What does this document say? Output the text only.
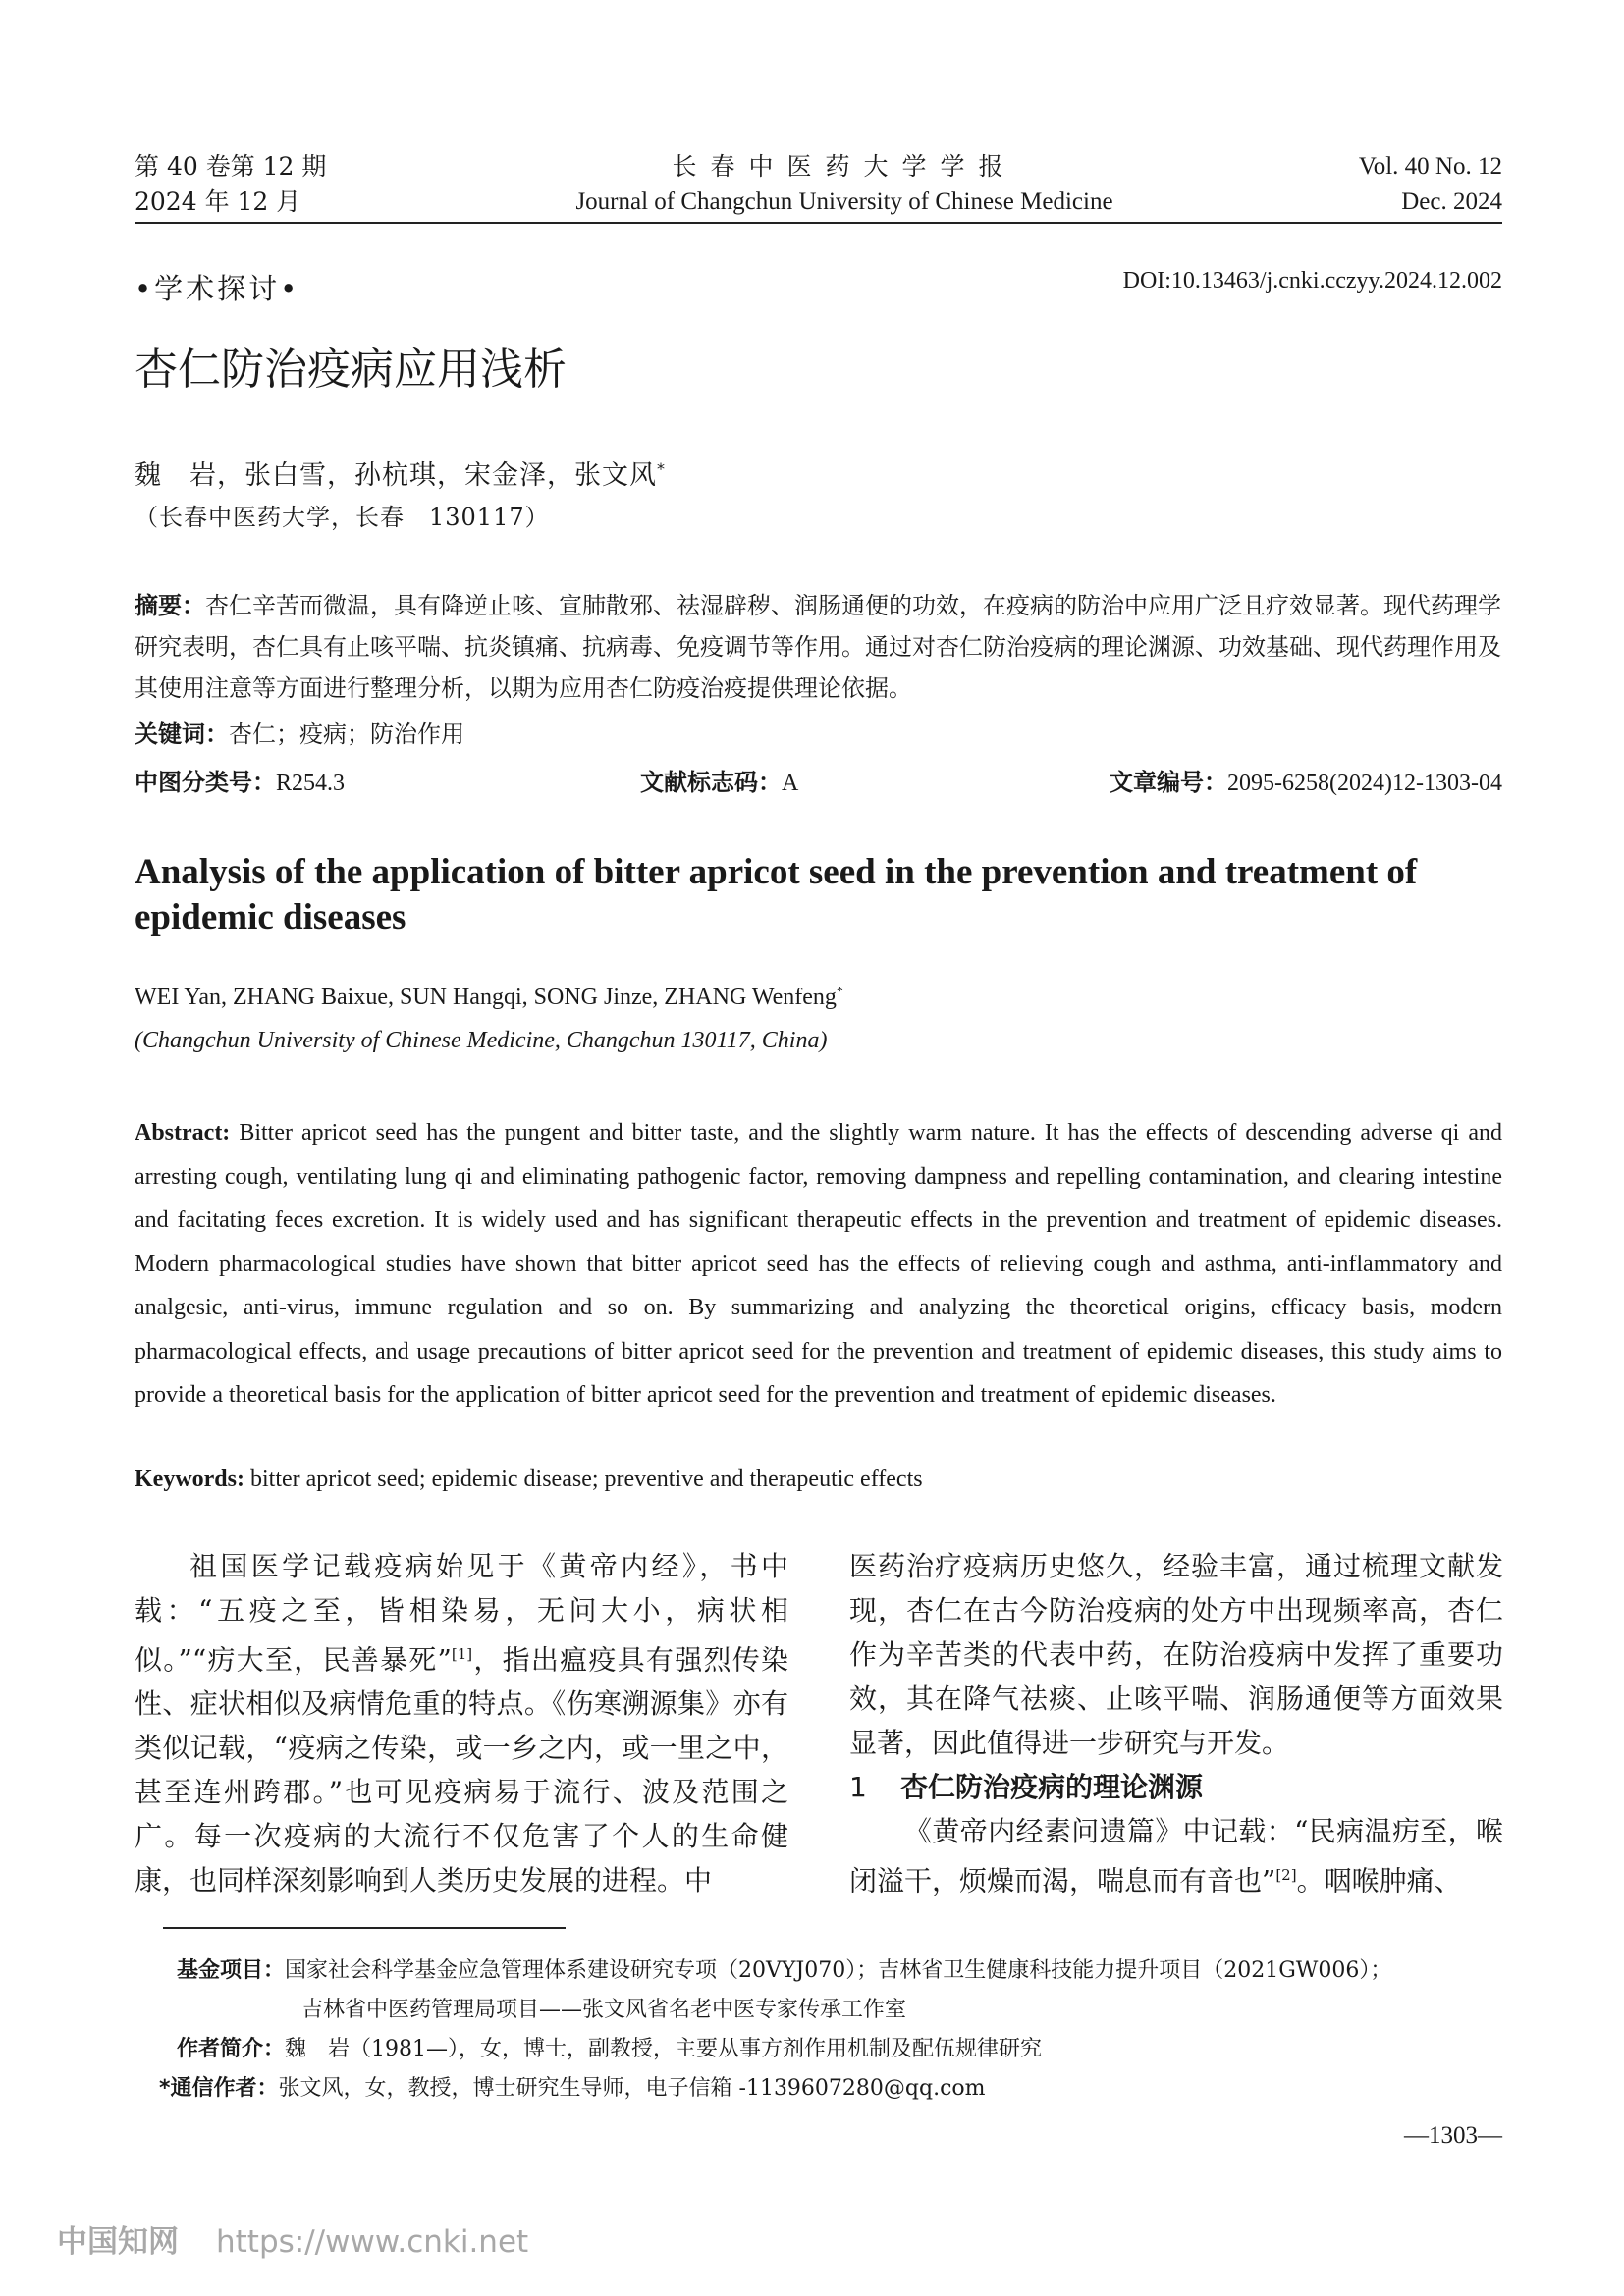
第 40 卷第 12 期
2024 年 12 月
长春中医药大学学报
Journal of Changchun University of Chinese Medicine
Vol. 40 No. 12
Dec. 2024
•学术探讨•	DOI:10.13463/j.cnki.cczyy.2024.12.002
杏仁防治疫病应用浅析
魏　岩，张白雪，孙杭琪，宋金泽，张文风*
（长春中医药大学，长春　130117）
摘要：杏仁辛苦而微温，具有降逆止咳、宣肺散邪、祛湿辟秽、润肠通便的功效，在疫病的防治中应用广泛且疗效显著。现代药理学研究表明，杏仁具有止咳平喘、抗炎镇痛、抗病毒、免疫调节等作用。通过对杏仁防治疫病的理论渊源、功效基础、现代药理作用及其使用注意等方面进行整理分析，以期为应用杏仁防疫治疫提供理论依据。
关键词：杏仁；疫病；防治作用
中图分类号：R254.3	文献标志码：A	文章编号：2095-6258(2024)12-1303-04
Analysis of the application of bitter apricot seed in the prevention and treatment of epidemic diseases
WEI Yan, ZHANG Baixue, SUN Hangqi, SONG Jinze, ZHANG Wenfeng*
(Changchun University of Chinese Medicine, Changchun 130117, China)
Abstract: Bitter apricot seed has the pungent and bitter taste, and the slightly warm nature. It has the effects of descending adverse qi and arresting cough, ventilating lung qi and eliminating pathogenic factor, removing dampness and repelling contamination, and clearing intestine and facitating feces excretion. It is widely used and has significant therapeutic effects in the prevention and treatment of epidemic diseases. Modern pharmacological studies have shown that bitter apricot seed has the effects of relieving cough and asthma, anti-inflammatory and analgesic, anti-virus, immune regulation and so on. By summarizing and analyzing the theoretical origins, efficacy basis, modern pharmacological effects, and usage precautions of bitter apricot seed for the prevention and treatment of epidemic diseases, this study aims to provide a theoretical basis for the application of bitter apricot seed for the prevention and treatment of epidemic diseases.
Keywords: bitter apricot seed; epidemic disease; preventive and therapeutic effects

祖国医学记载疫病始见于《黄帝内经》，书中载：“五疫之至，皆相染易，无问大小，病状相似。”“疠大至，民善暴死”[1]，指出瘟疫具有强烈传染性、症状相似及病情危重的特点。《伤寒溯源集》亦有类似记载，“疫病之传染，或一乡之内，或一里之中，甚至连州跨郡。”也可见疫病易于流行、波及范围之广。每一次疫病的大流行不仅危害了个人的生命健康，也同样深刻影响到人类历史发展的进程。中

医药治疗疫病历史悠久，经验丰富，通过梳理文献发现，杏仁在古今防治疫病的处方中出现频率高，杏仁作为辛苦类的代表中药，在防治疫病中发挥了重要功效，其在降气祛痰、止咳平喘、润肠通便等方面效果显著，因此值得进一步研究与开发。

1 杏仁防治疫病的理论渊源

《黄帝内经素问遗篇》中记载：“民病温疠至，喉闭溢干，烦燥而渴，喘息而有音也”[2]。咽喉肿痛、

基金项目：国家社会科学基金应急管理体系建设研究专项（20VYJ070）；吉林省卫生健康科技能力提升项目（2021GW006）；
吉林省中医药管理局项目——张文风省名老中医专家传承工作室
作者简介：魏　岩（1981—），女，博士，副教授，主要从事方剂作用机制及配伍规律研究
*通信作者：张文风，女，教授，博士研究生导师，电子信箱 -1139607280@qq.com
—1303—
中国知网 https://www.cnki.net
